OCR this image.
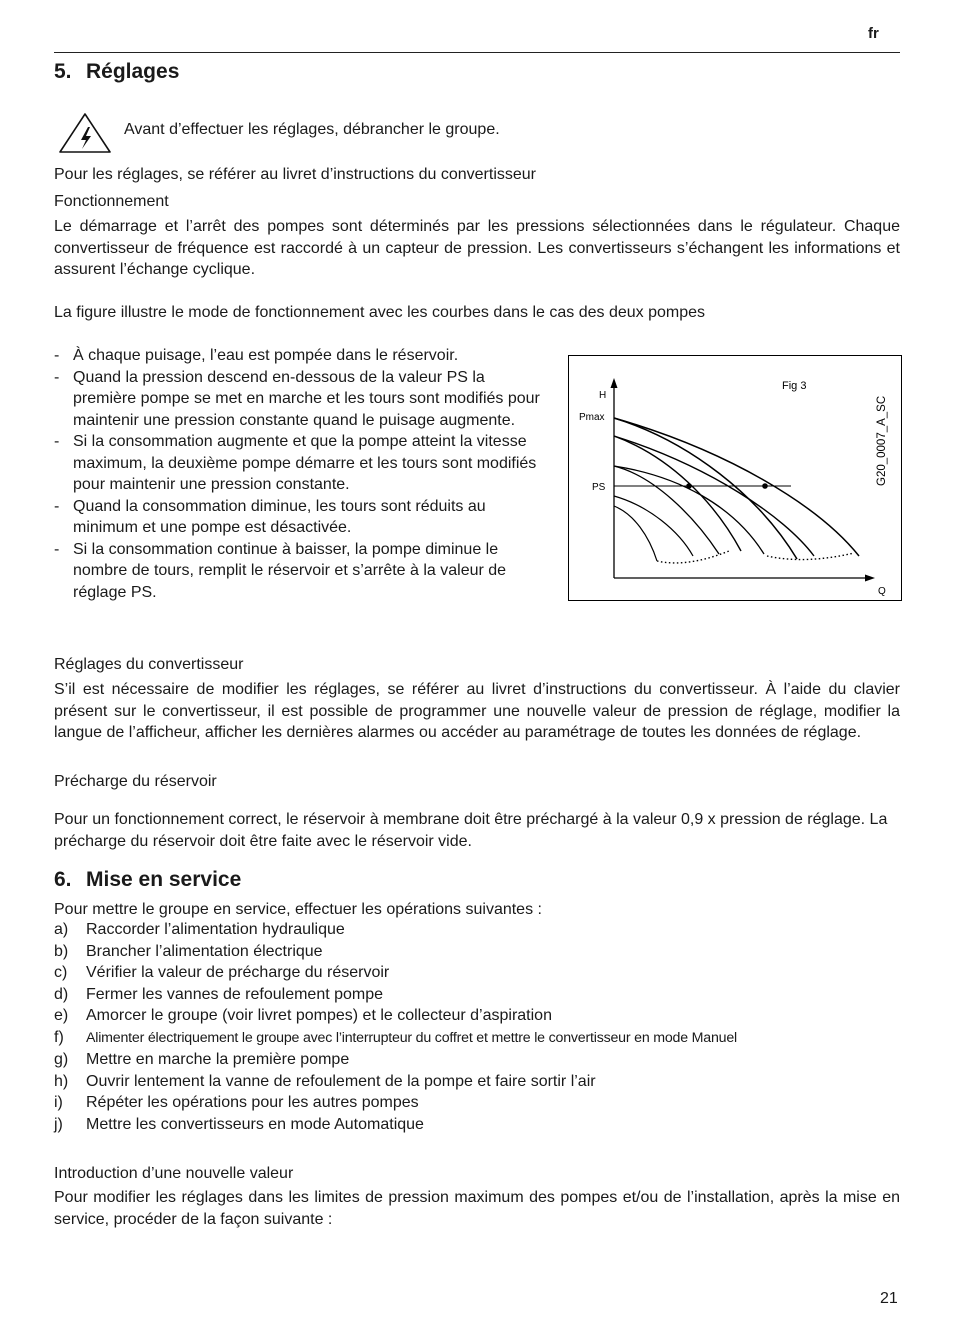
fr
5. Réglages
Avant d’effectuer les réglages, débrancher le groupe.
Pour les réglages, se référer au livret d’instructions du convertisseur
Fonctionnement
Le démarrage et l’arrêt des pompes sont déterminés par les pressions sélectionnées dans le régulateur. Chaque convertisseur de fréquence est raccordé à un capteur de pression. Les convertisseurs s’échangent les informations et assurent l’échange cyclique.
La figure illustre le mode de fonctionnement avec les courbes dans le cas des deux pompes
- À chaque puisage, l’eau est pompée dans le réservoir.
- Quand la pression descend en-dessous de la valeur PS la première pompe se met en marche et les tours sont modifiés pour maintenir une pression constante quand le puisage augmente.
- Si la consommation augmente et que la pompe atteint la vitesse maximum, la deuxième pompe démarre et les tours sont modifiés pour maintenir une pression constante.
- Quand la consommation diminue, les tours sont réduits au minimum et une pompe est désactivée.
- Si la consommation continue à baisser, la pompe diminue le nombre de tours, remplit le réservoir et s’arrête à la valeur de réglage PS.
H
Pmax
PS
Q
Fig 3
G20_0007_A_SC
Réglages du convertisseur
S’il est nécessaire de modifier les réglages, se référer au livret d’instructions du convertisseur. À l’aide du clavier présent sur le convertisseur, il est possible de programmer une nouvelle valeur de pression de réglage, modifier la langue de l’afficheur, afficher les dernières alarmes ou accéder au paramétrage de toutes les données de réglage.
Précharge du réservoir
Pour un fonctionnement correct, le réservoir à membrane doit être préchargé à la valeur 0,9 x pression de réglage. La précharge du réservoir doit être faite avec le réservoir vide.
6. Mise en service
Pour mettre le groupe en service, effectuer les opérations suivantes :
a) Raccorder l’alimentation hydraulique
b) Brancher l’alimentation électrique
c) Vérifier la valeur de précharge du réservoir
d) Fermer les vannes de refoulement pompe
e) Amorcer le groupe (voir livret pompes) et le collecteur d’aspiration
f) Alimenter électriquement le groupe avec l’interrupteur du coffret et mettre le convertisseur en mode Manuel
g) Mettre en marche la première pompe
h) Ouvrir lentement la vanne de refoulement de la pompe et faire sortir l’air
i) Répéter les opérations pour les autres pompes
j) Mettre les convertisseurs en mode Automatique
Introduction d’une nouvelle valeur
Pour modifier les réglages dans les limites de pression maximum des pompes et/ou de l’installation, après la mise en service, procéder de la façon suivante :
21
